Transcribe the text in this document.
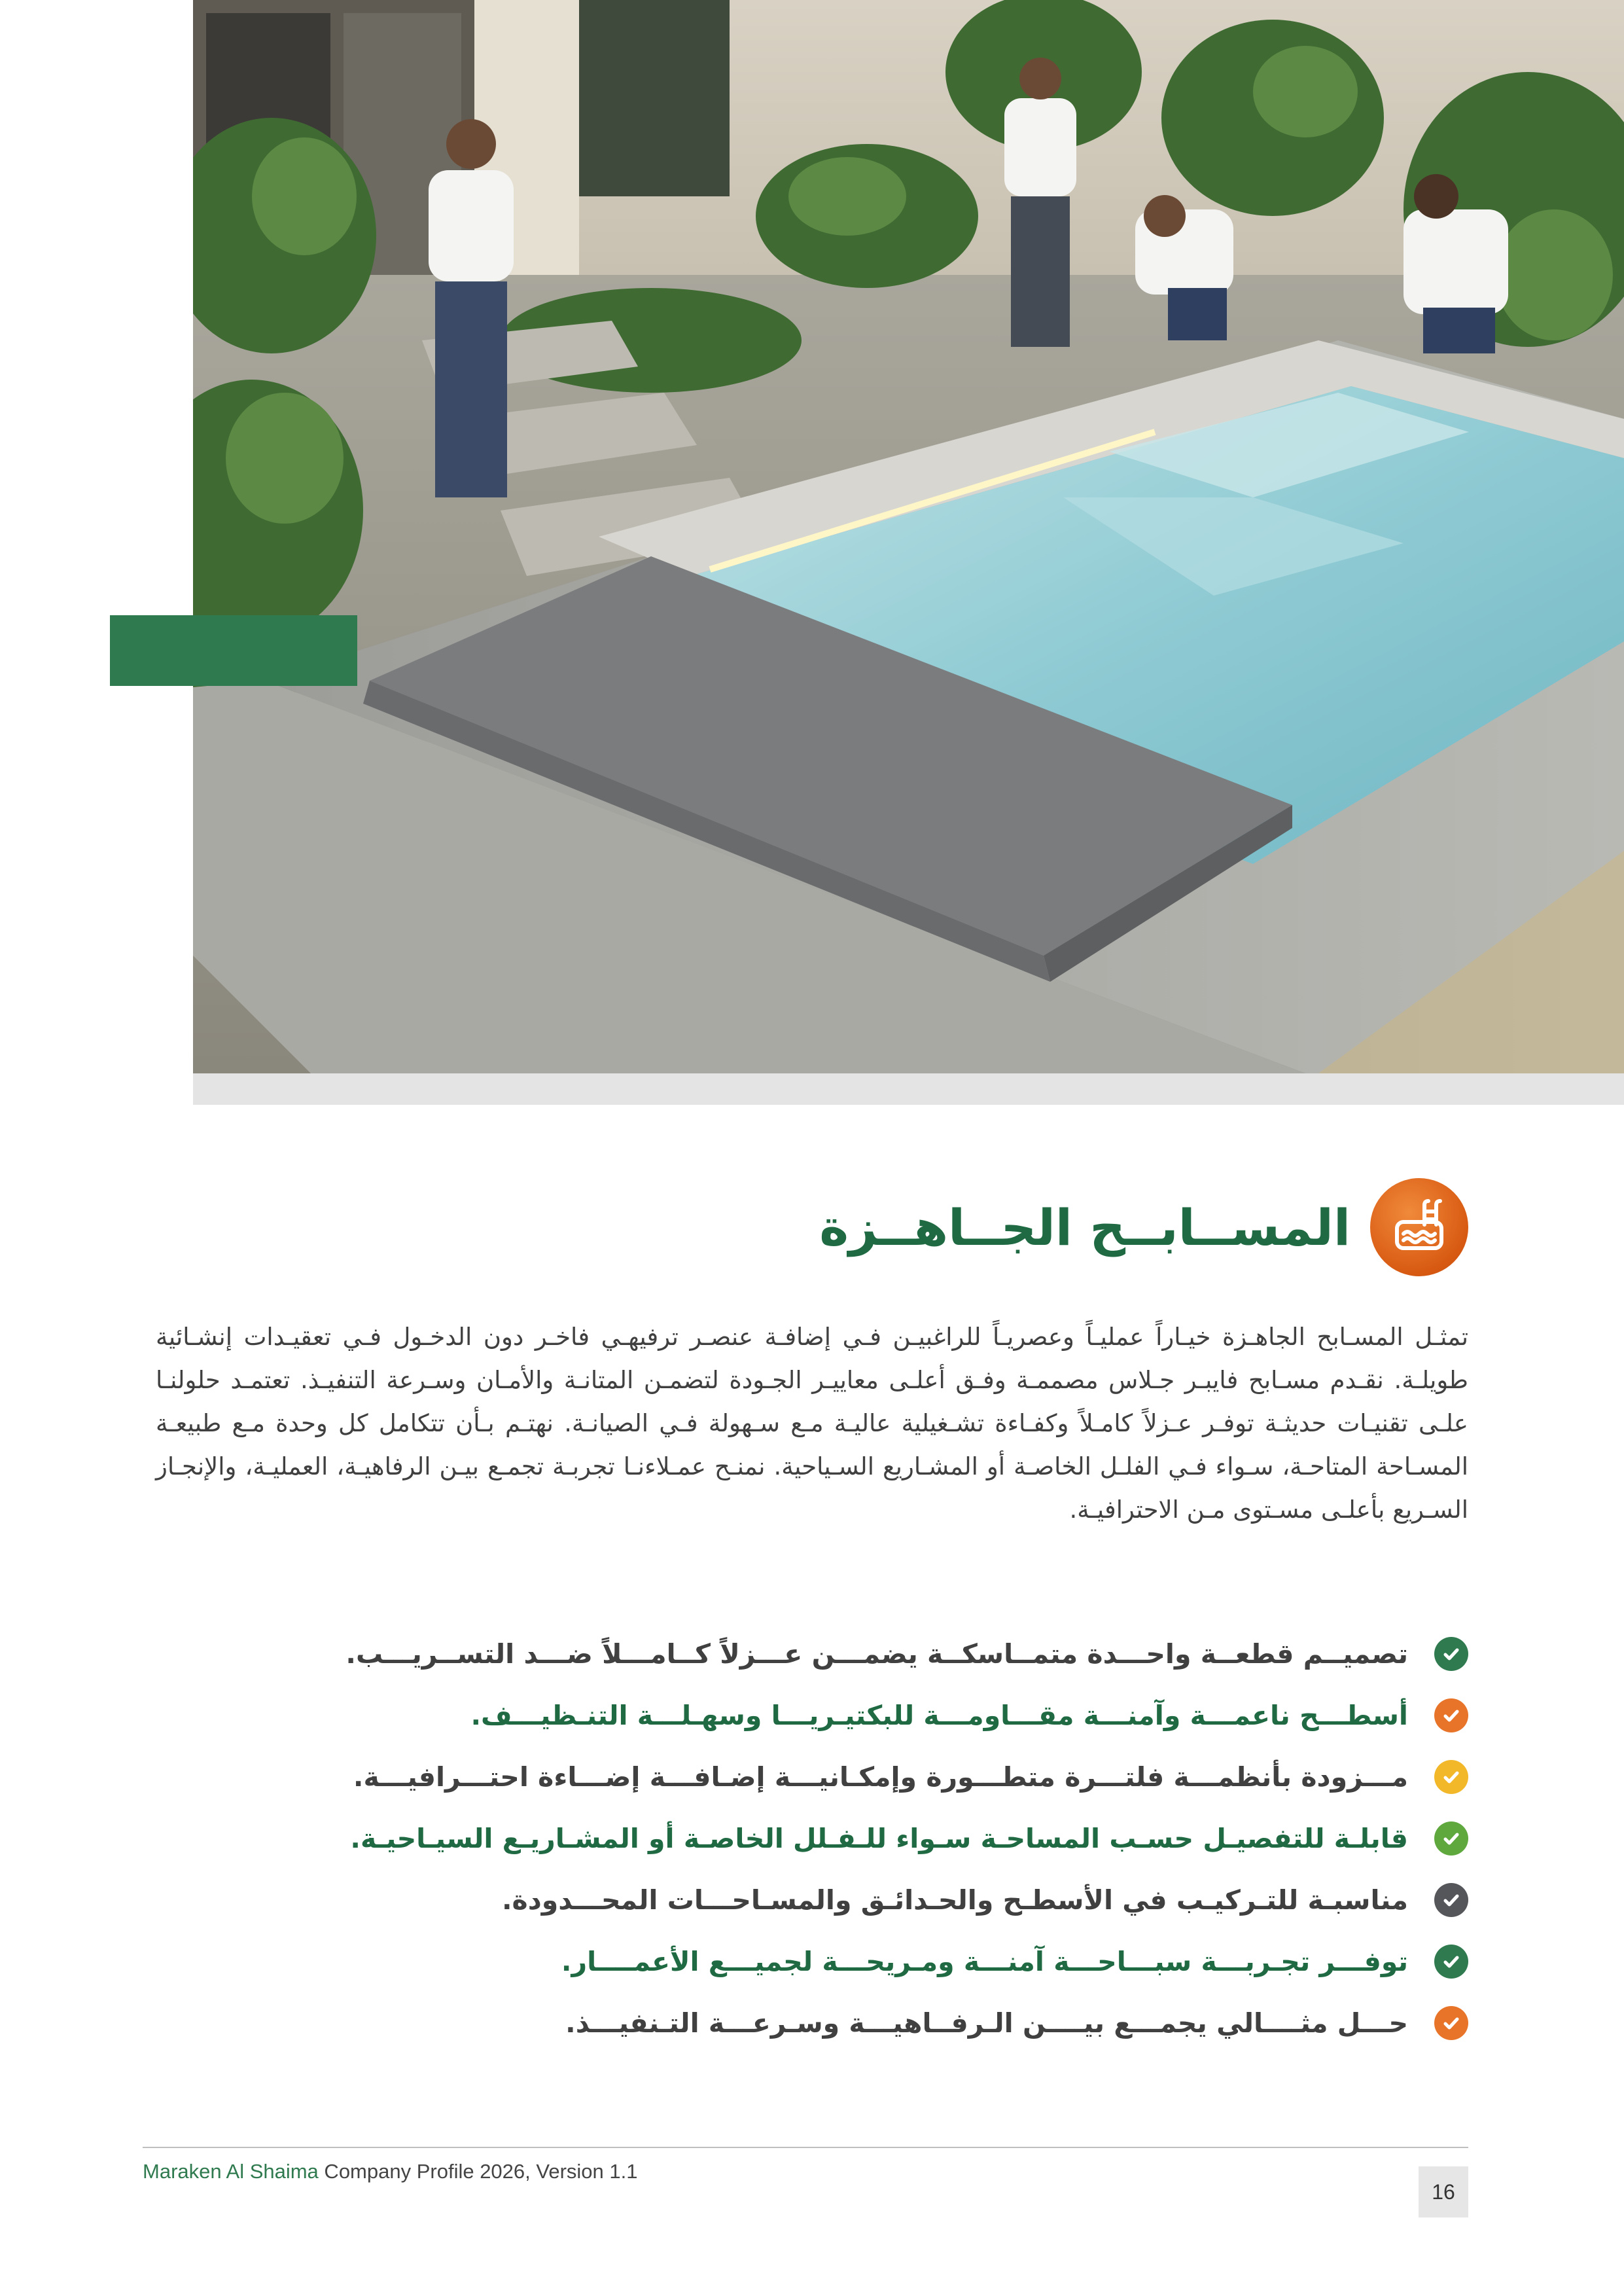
المســابــح الجــاهــزة

تمثـل المسـابح الجاهـزة خيـاراً عمليـاً وعصريـاً للراغبيـن فـي إضافـة عنصـر ترفيهـي فاخـر دون الدخـول فـي تعقيـدات إنشـائية طويلـة. نقـدم مسـابح فايبـر جـلاس مصممـة وفـق أعلـى معاييـر الجـودة لتضمـن المتانـة والأمـان وسـرعة التنفيـذ. تعتمـد حلولنـا علـى تقنيـات حديثـة توفـر عـزلاً كامـلاً وكفـاءة تشـغيلية عاليـة مـع سـهولة فـي الصيانـة. نهتـم بـأن تتكامل كل وحدة مـع طبيعـة المسـاحة المتاحـة، سـواء فـي الفلـل الخاصـة أو المشـاريع السـياحية. نمنـح عمـلاءنـا تجربـة تجمـع بيـن الرفاهيـة، العمليـة، والإنجـاز السـريع بأعلـى مسـتوى مـن الاحترافيـة.

تصميــم قطعــة واحـــدة متمــاسكــة يضمـــن عـــزلاً كــامـــلاً ضـــد التســريـــب.
أسطـــح ناعمـــة وآمنـــة مقـــاومـــة للبكتيـريـــا وسهـلـــة التنـظيـــف.
مـــزودة بأنظمـــة فلتـــرة متطـــورة وإمكـانيـــة إضـافـــة إضـــاءة احتـــرافيـــة.
قابلـة للتفصيـل حسـب المساحـة سـواء للـفـلل الخاصـة أو المشـاريـع السيـاحيـة.
مناسبـة للتـركيـب في الأسطـح والحـدائـق والمسـاحـــات المحـــدودة.
توفـــر تجـربـــة سبـــاحـــة آمنـــة ومـريحـــة لجميـــع الأعمــــار.
حـــل مثــــالي يجمـــع بيــــن الـرفــاهيـــة وسـرعـــة التـنفيـــذ.
Maraken Al Shaima Company Profile 2026, Version 1.1
16
